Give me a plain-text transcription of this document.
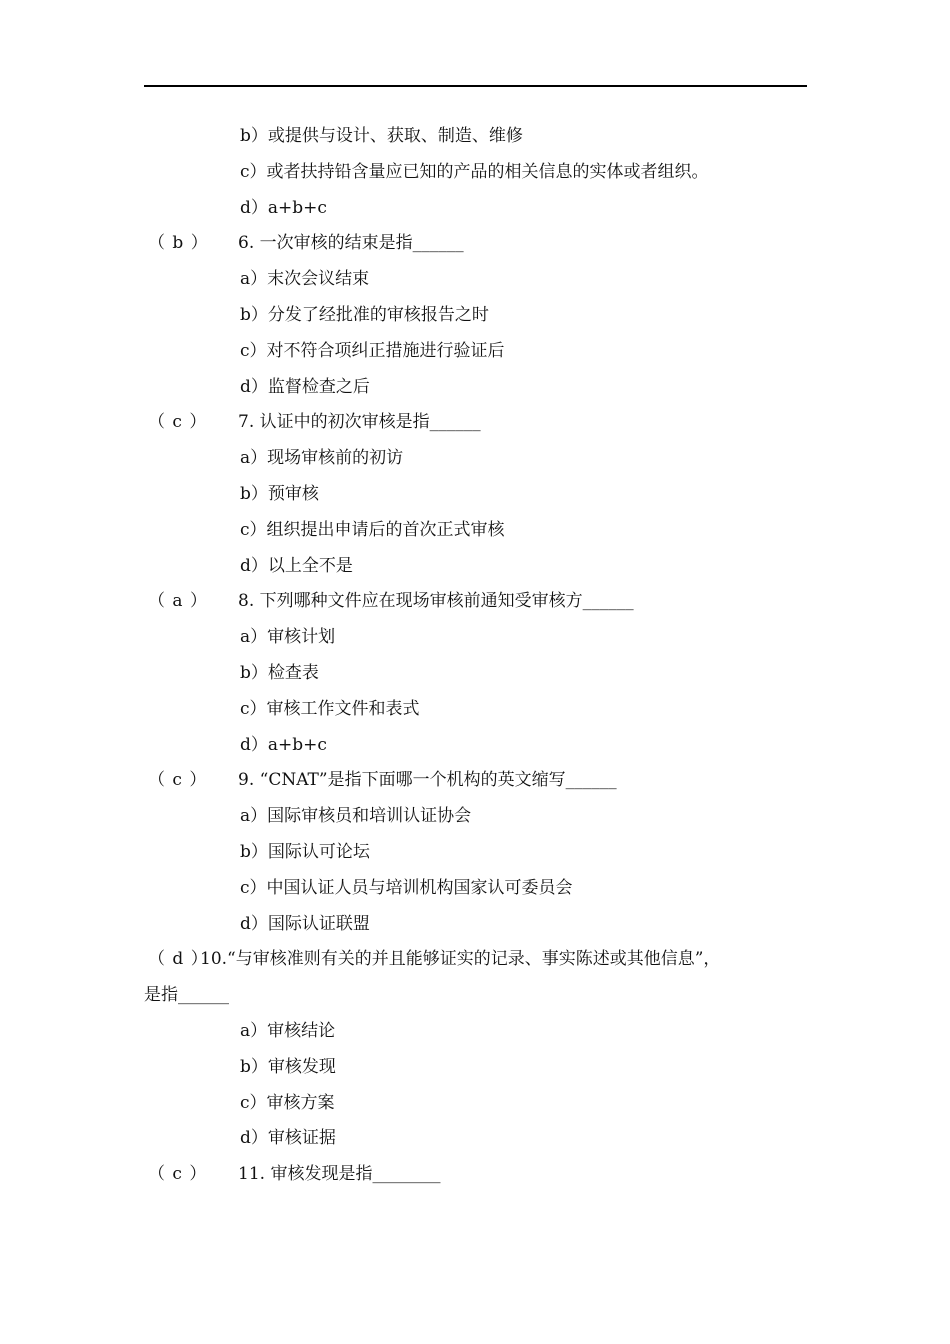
b）或提供与设计、获取、制造、维修
c）或者扶持铅含量应已知的产品的相关信息的实体或者组织。
d）a+b+c
（ b ） 6. 一次审核的结束是指______
a）末次会议结束
b）分发了经批准的审核报告之时
c）对不符合项纠正措施进行验证后
d）监督检查之后
（ c ） 7. 认证中的初次审核是指______
a）现场审核前的初访
b）预审核
c）组织提出申请后的首次正式审核
d）以上全不是
（ a ） 8. 下列哪种文件应在现场审核前通知受审核方______
a）审核计划
b）检查表
c）审核工作文件和表式
d）a+b+c
（ c ） 9. “CNAT”是指下面哪一个机构的英文缩写______
a）国际审核员和培训认证协会
b）国际认可论坛
c）中国认证人员与培训机构国家认可委员会
d）国际认证联盟
（ d ）10.“与审核准则有关的并且能够证实的记录、事实陈述或其他信息”，
是指______
a）审核结论
b）审核发现
c）审核方案
d）审核证据
（ c ） 11. 审核发现是指________
